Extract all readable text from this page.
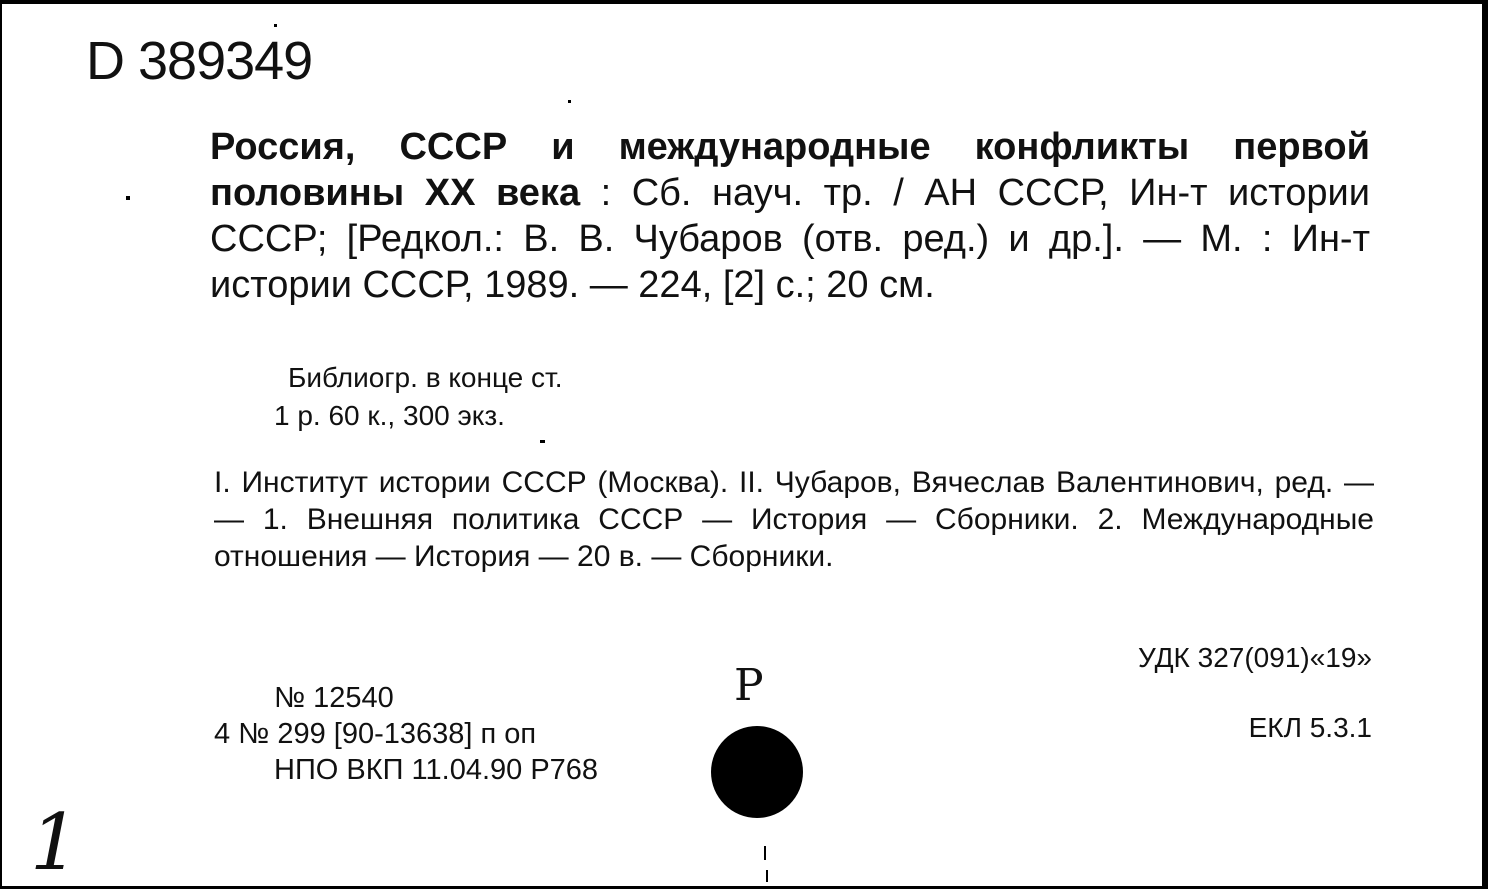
D 389349
Россия, СССР и международные конфликты первой половины XX века : Сб. науч. тр. / АН СССР, Ин-т истории СССР; [Редкол.: В. В. Чубаров (отв. ред.) и др.]. — М. : Ин-т истории СССР, 1989. — 224, [2] с.; 20 см.
Библиогр. в конце ст.
1 р. 60 к., 300 экз.
I. Институт истории СССР (Москва). II. Чубаров, Вячеслав Валентинович, ред. — — 1. Внешняя политика СССР — История — Сборники. 2. Международные отношения — История — 20 в. — Сборники.
УДК 327(091)«19»
ЕКЛ 5.3.1
№ 12540
4 № 299 [90-13638] п оп
НПО ВКП 11.04.90 Р768
Р
1
